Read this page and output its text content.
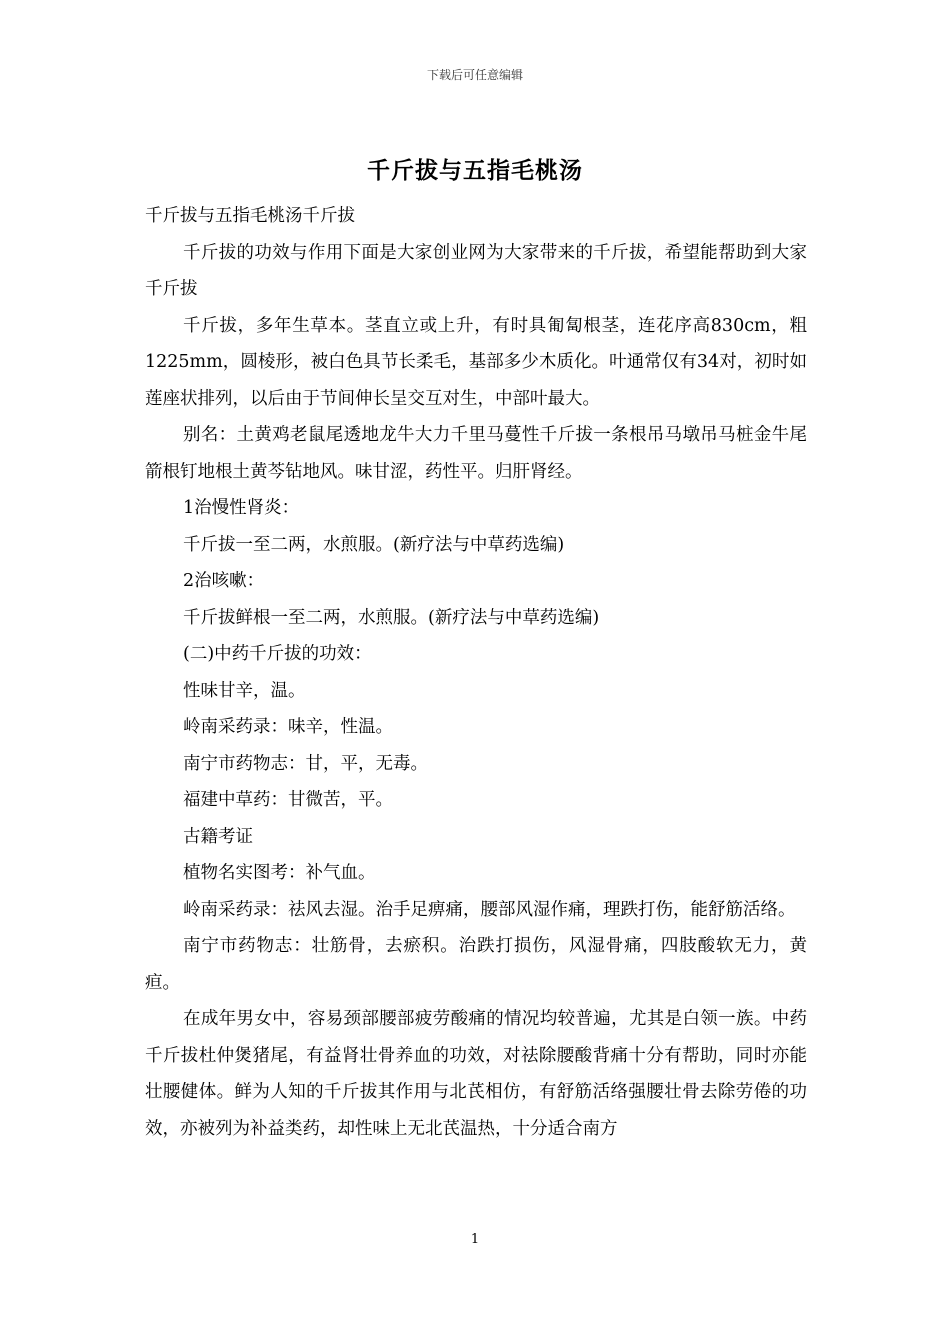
下载后可任意编辑
千斤拔与五指毛桃汤

千斤拔与五指毛桃汤千斤拔

千斤拔的功效与作用下面是大家创业网为大家带来的千斤拔，希望能帮助到大家千斤拔

千斤拔，多年生草本。茎直立或上升，有时具匍匐根茎，连花序高830cm，粗1225mm，圆棱形，被白色具节长柔毛，基部多少木质化。叶通常仅有34对，初时如莲座状排列，以后由于节间伸长呈交互对生，中部叶最大。

别名：土黄鸡老鼠尾透地龙牛大力千里马蔓性千斤拔一条根吊马墩吊马桩金牛尾箭根钉地根土黄芩钻地风。味甘涩，药性平。归肝肾经。

1治慢性肾炎：

千斤拔一至二两，水煎服。(新疗法与中草药选编)

2治咳嗽：

千斤拔鲜根一至二两，水煎服。(新疗法与中草药选编)

(二)中药千斤拔的功效：

性味甘辛，温。

岭南采药录：味辛，性温。

南宁市药物志：甘，平，无毒。

福建中草药：甘微苦，平。

古籍考证

植物名实图考：补气血。

岭南采药录：祛风去湿。治手足痹痛，腰部风湿作痛，理跌打伤，能舒筋活络。

南宁市药物志：壮筋骨，去瘀积。治跌打损伤，风湿骨痛，四肢酸软无力，黄疸。

在成年男女中，容易颈部腰部疲劳酸痛的情况均较普遍，尤其是白领一族。中药千斤拔杜仲煲猪尾，有益肾壮骨养血的功效，对祛除腰酸背痛十分有帮助，同时亦能壮腰健体。鲜为人知的千斤拔其作用与北芪相仿，有舒筋活络强腰壮骨去除劳倦的功效，亦被列为补益类药，却性味上无北芪温热，十分适合南方

1
